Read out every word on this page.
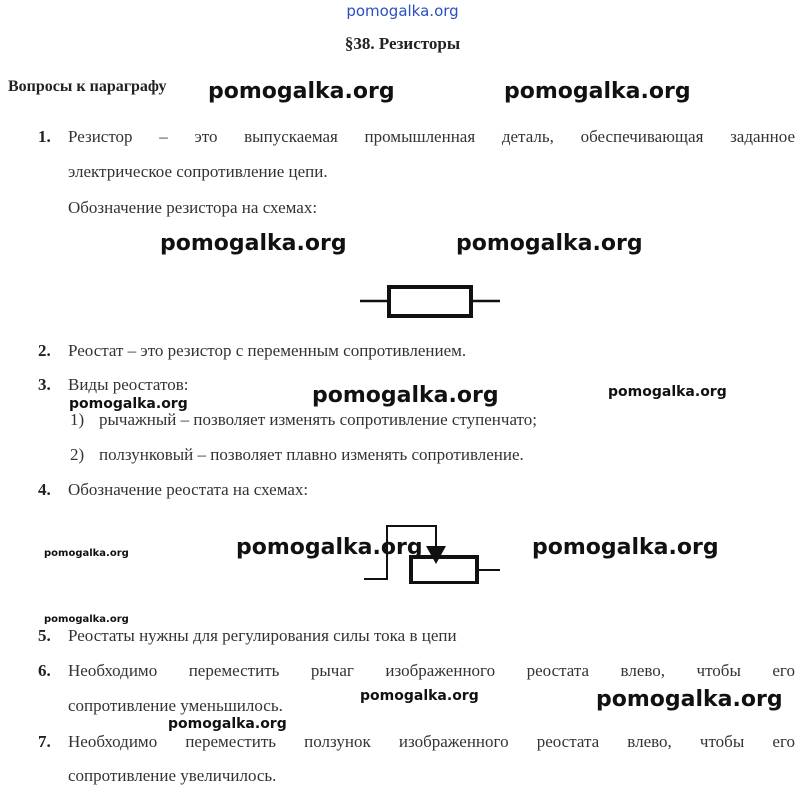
pomogalka.org
§38. Резисторы
Вопросы к параграфу
1. Резистор – это выпускаемая промышленная деталь, обеспечивающая заданное
электрическое сопротивление цепи.
Обозначение резистора на схемах:
2. Реостат – это резистор с переменным сопротивлением.
3. Виды реостатов:
1) рычажный – позволяет изменять сопротивление ступенчато;
2) ползунковый – позволяет плавно изменять сопротивление.
4. Обозначение реостата на схемах:
5. Реостаты нужны для регулирования силы тока в цепи
6. Необходимо переместить рычаг изображенного реостата влево, чтобы его
сопротивление уменьшилось.
7. Необходимо переместить ползунок изображенного реостата влево, чтобы его
сопротивление увеличилось.
pomogalka.org	pomogalka.org
pomogalka.org	pomogalka.org
pomogalka.org	pomogalka.org
pomogalka.org
pomogalka.org	pomogalka.org	pomogalka.org
pomogalka.org
pomogalka.org	pomogalka.org
pomogalka.org
